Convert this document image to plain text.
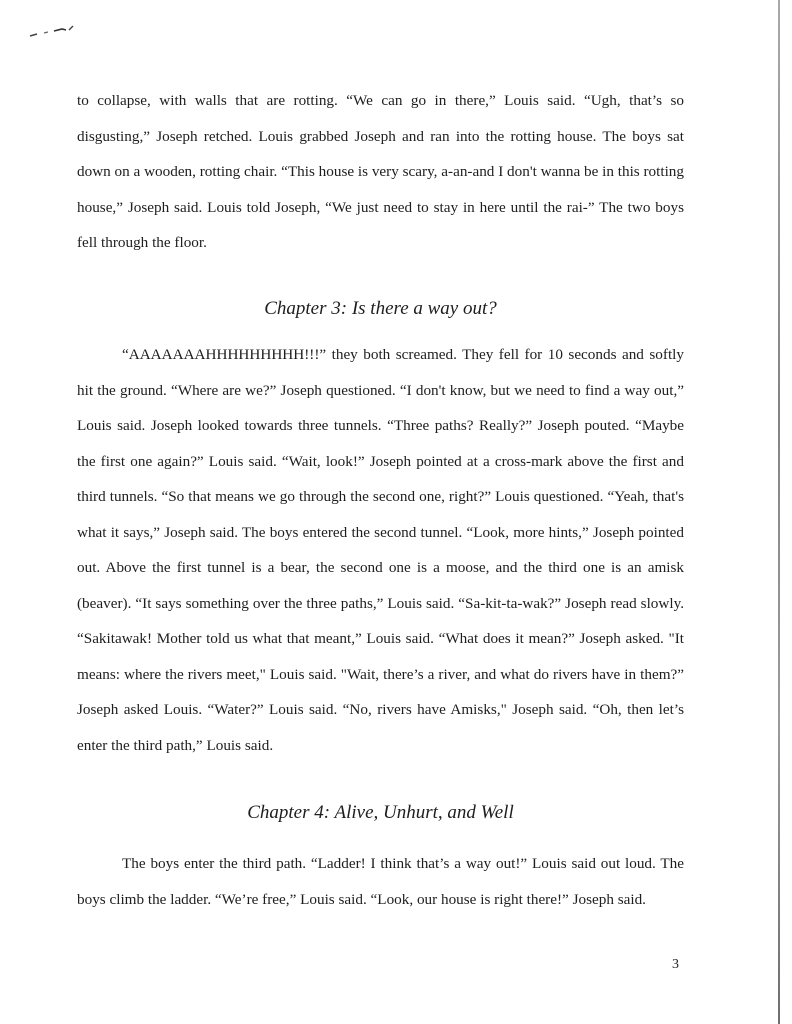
to collapse, with walls that are rotting. “We can go in there,” Louis said. “Ugh, that’s so disgusting,” Joseph retched. Louis grabbed Joseph and ran into the rotting house. The boys sat down on a wooden, rotting chair. “This house is very scary, a-an-and I don't wanna be in this rotting house,” Joseph said. Louis told Joseph, “We just need to stay in here until the rai-” The two boys fell through the floor.

Chapter 3: Is there a way out?

“AAAAAAAHHHHHHHHH!!!” they both screamed. They fell for 10 seconds and softly hit the ground. “Where are we?” Joseph questioned. “I don't know, but we need to find a way out,” Louis said. Joseph looked towards three tunnels. “Three paths? Really?” Joseph pouted. “Maybe the first one again?” Louis said. “Wait, look!” Joseph pointed at a cross-mark above the first and third tunnels. “So that means we go through the second one, right?” Louis questioned. “Yeah, that's what it says,” Joseph said. The boys entered the second tunnel. “Look, more hints,” Joseph pointed out. Above the first tunnel is a bear, the second one is a moose, and the third one is an amisk (beaver). “It says something over the three paths,” Louis said. “Sa-kit-ta-wak?” Joseph read slowly. “Sakitawak! Mother told us what that meant,” Louis said. “What does it mean?” Joseph asked. "It means: where the rivers meet," Louis said. "Wait, there’s a river, and what do rivers have in them?” Joseph asked Louis. “Water?” Louis said. “No, rivers have Amisks," Joseph said. “Oh, then let’s enter the third path,” Louis said.

Chapter 4: Alive, Unhurt, and Well

The boys enter the third path. “Ladder! I think that’s a way out!” Louis said out loud. The boys climb the ladder. “We’re free,” Louis said. “Look, our house is right there!” Joseph said.

3
